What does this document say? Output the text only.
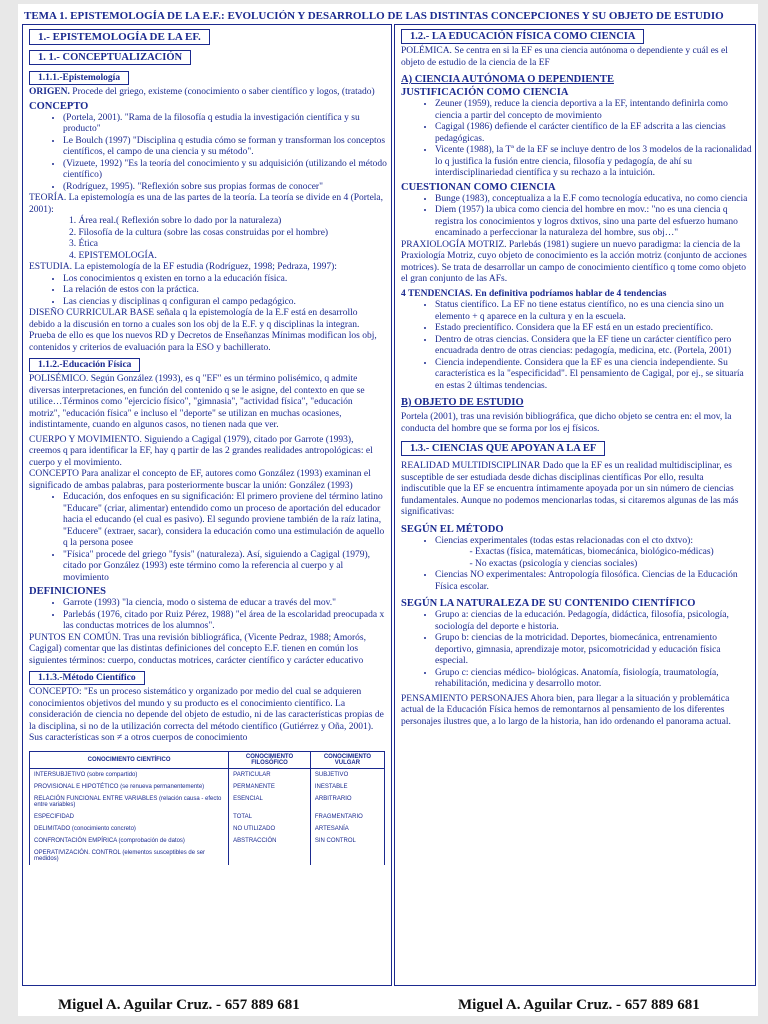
TEMA 1. EPISTEMOLOGÍA DE LA E.F.: EVOLUCIÓN Y DESARROLLO DE LAS DISTINTAS CONCEPCIONES Y SU OBJETO DE ESTUDIO
1.- EPISTEMOLOGÍA DE LA EF.
1. 1.- CONCEPTUALIZACIÓN
1.1.1.-Epistemología
ORIGEN. Procede del griego, existeme (conocimiento o saber científico y logos, (tratado)
CONCEPTO
• (Portela, 2001). "Rama de la filosofía q estudia la investigación científica y su producto"
• Le Boulch (1997) "Disciplina q estudia cómo se forman y transforman los conceptos científicos, el campo de una ciencia y su método".
• (Vizuete, 1992) "Es la teoría del conocimiento y su adquisición (utilizando el método científico)
• (Rodríguez, 1995). "Reflexión sobre sus propias formas de conocer"
TEORÍA. La epistemología es una de las partes de la teoría. La teoría se divide en 4 (Portela, 2001):
1. Área real.( Reflexión sobre lo dado por la naturaleza)
2. Filosofía de la cultura (sobre las cosas construidas por el hombre)
3. Ética
4. EPISTEMOLOGÍA.
ESTUDIA. La epistemología de la EF estudia (Rodríguez, 1998; Pedraza, 1997):
• Los conocimientos q existen en torno a la educación física.
• La relación de estos con la práctica.
• Las ciencias y disciplinas q configuran el campo pedagógico.
DISEÑO CURRICULAR BASE señala q la epistemología de la E.F está en desarrollo debido a la discusión en torno a cuales son los obj de la E.F. y q disciplinas la integran. Prueba de ello es que los nuevos RD y Decretos de Enseñanzas Mínimas modifican los obj, contenidos y criterios de evaluación para la ESO y bachillerato.
1.1.2.-Educación Física
POLISÉMICO. Según González (1993), es q "EF" es un término polisémico, q admite diversas interpretaciones, en función del contenido q se le asigne, del contexto en que se utilice…Términos como "ejercicio físico", "gimnasia", "actividad física", "educación motriz", "educación física" e incluso el "deporte" se utilizan en muchas ocasiones, indistintamente, cuando en algunos casos, no tienen nada que ver.
CUERPO Y MOVIMIENTO. Siguiendo a Cagigal (1979), citado por Garrote (1993), creemos q para identificar la EF, hay q partir de las 2 grandes realidades antropológicas: el cuerpo y el movimiento.
CONCEPTO Para analizar el concepto de EF, autores como González (1993) examinan el significado de ambas palabras, para posteriormente buscar la unión: González (1993)
• Educación, dos enfoques en su significación: El primero proviene del término latino "Educare" (criar, alimentar) entendido como un proceso de aportación del educador hacia el educando (el cual es pasivo). El segundo proviene también de la raíz latina, "Educere" (extraer, sacar), considera la educación como una estimulación de aquello q la persona posee
• "Física" procede del griego "fysis" (naturaleza). Así, siguiendo a Cagigal (1979), citado por González (1993) este término como la referencia al cuerpo y al movimiento
DEFINICIONES
• Garrote (1993) "la ciencia, modo o sistema de educar a través del mov."
• Parlebás (1976, citado por Ruiz Pérez, 1988) "el área de la escolaridad preocupada x las conductas motrices de los alumnos".
PUNTOS EN COMÚN. Tras una revisión bibliográfica, (Vicente Pedraz, 1988; Amorós, Cagigal) comentar que las distintas definiciones del concepto E.F. tienen en común los siguientes términos: cuerpo, conductas motrices, carácter científico y carácter educativo
1.1.3.-Método Científico
CONCEPTO: "Es un proceso sistemático y organizado por medio del cual se adquieren conocimientos objetivos del mundo y su producto es el conocimiento científico. La consideración de ciencia no depende del objeto de estudio, ni de las características propias de la disciplina, si no de la utilización correcta del método científico (Gutiérrez y Oña, 2001). Sus características son ≠ a otros cuerpos de conocimiento
CONOCIMIENTO CIENTÍFICO	CONOCIMIENTO FILOSÓFICO	CONOCIMIENTO VULGAR
INTERSUBJETIVO (sobre compartido)	PARTICULAR	SUBJETIVO
PROVISIONAL E HIPOTÉTICO (se renueva permanentemente)	PERMANENTE	INESTABLE
RELACIÓN FUNCIONAL ENTRE VARIABLES (relación causa - efecto entre variables)	ESENCIAL	ARBITRARIO
ESPECIFIDAD	TOTAL	FRAGMENTARIO
DELIMITADO (conocimiento concreto)	NO UTILIZADO	ARTESANÍA
CONFRONTACIÓN EMPÍRICA (comprobación de datos)	ABSTRACCIÓN	SIN CONTROL
OPERATIVIZACIÓN. CONTROL (elementos susceptibles de ser medidos)		
1.2.- LA EDUCACIÓN FÍSICA COMO CIENCIA
POLÉMICA. Se centra en si la EF es una ciencia autónoma o dependiente y cuál es el objeto de estudio de la ciencia de la EF
A) CIENCIA AUTÓNOMA O DEPENDIENTE
JUSTIFICACIÓN COMO CIENCIA
• Zeuner (1959), reduce la ciencia deportiva a la EF, intentando definirla como ciencia a partir del concepto de movimiento
• Cagigal (1986) defiende el carácter científico de la EF adscrita a las ciencias pedagógicas.
• Vicente (1988), la Tª de la EF se incluye dentro de los 3 modelos de la racionalidad lo q justifica la fusión entre ciencia, filosofía y pedagogía, de ahí su interdisciplinariedad científica y su rechazo a la intuición.
CUESTIONAN COMO CIENCIA
• Bunge (1983), conceptualiza a la E.F como tecnología educativa, no como ciencia
• Diem (1957) la ubica como ciencia del hombre en mov.: "no es una ciencia q registra los conocimientos y logros dxtivos, sino una parte del esfuerzo humano encaminado a perfeccionar la naturaleza del hombre, sus obj…"
PRAXIOLOGÍA MOTRIZ. Parlebás (1981) sugiere un nuevo paradigma: la ciencia de la Praxiología Motriz, cuyo objeto de conocimiento es la acción motriz (conjunto de acciones motrices). Se trata de desarrollar un campo de conocimiento científico q tome como objeto el gran conjunto de las AFs.
4 TENDENCIAS. En definitiva podríamos hablar de 4 tendencias
• Status científico. La EF no tiene estatus científico, no es una ciencia sino un elemento + q aparece en la cultura y en la escuela.
• Estado precientífico. Considera que la EF está en un estado precientífico.
• Dentro de otras ciencias. Considera que la EF tiene un carácter científico pero encuadrada dentro de otras ciencias: pedagogía, medicina, etc. (Portela, 2001)
• Ciencia independiente. Considera que la EF es una ciencia independiente. Su característica es la "especificidad". El pensamiento de Cagigal, por ej., se situaría en estas 2 últimas tendencias.
B) OBJETO DE ESTUDIO
Portela (2001), tras una revisión bibliográfica, que dicho objeto se centra en: el mov, la conducta del hombre que se forma por los ej físicos.
1.3.- CIENCIAS QUE APOYAN A LA EF
REALIDAD MULTIDISCIPLINAR Dado que la EF es un realidad multidisciplinar, es susceptible de ser estudiada desde dichas disciplinas científicas Por ello, resulta indiscutible que la EF se encuentra íntimamente apoyada por un sin número de ciencias fundamentales. Aunque no podemos mencionarlas todas, si citaremos algunas de las más significativas:
SEGÚN EL MÉTODO
• Ciencias experimentales (todas estas relacionadas con el cto dxtvo):
- Exactas (física, matemáticas, biomecánica, biológico-médicas)
- No exactas (psicología y ciencias sociales)
• Ciencias NO experimentales: Antropología filosófica. Ciencias de la Educación Física escolar.
SEGÚN LA NATURALEZA DE SU CONTENIDO CIENTÍFICO
• Grupo a: ciencias de la educación. Pedagogía, didáctica, filosofía, psicología, sociología del deporte e historia.
• Grupo b: ciencias de la motricidad. Deportes, biomecánica, entrenamiento deportivo, gimnasia, aprendizaje motor, psicomotricidad y educación física especial.
• Grupo c: ciencias médico- biológicas. Anatomía, fisiología, traumatología, rehabilitación, medicina y desarrollo motor.
PENSAMIENTO PERSONAJES Ahora bien, para llegar a la situación y problemática actual de la Educación Física hemos de remontarnos al pensamiento de los diferentes personajes ilustres que, a lo largo de la historia, han ido ordenando el panorama actual.
Miguel A. Aguilar Cruz. - 657 889 681	Miguel A. Aguilar Cruz. - 657 889 681
